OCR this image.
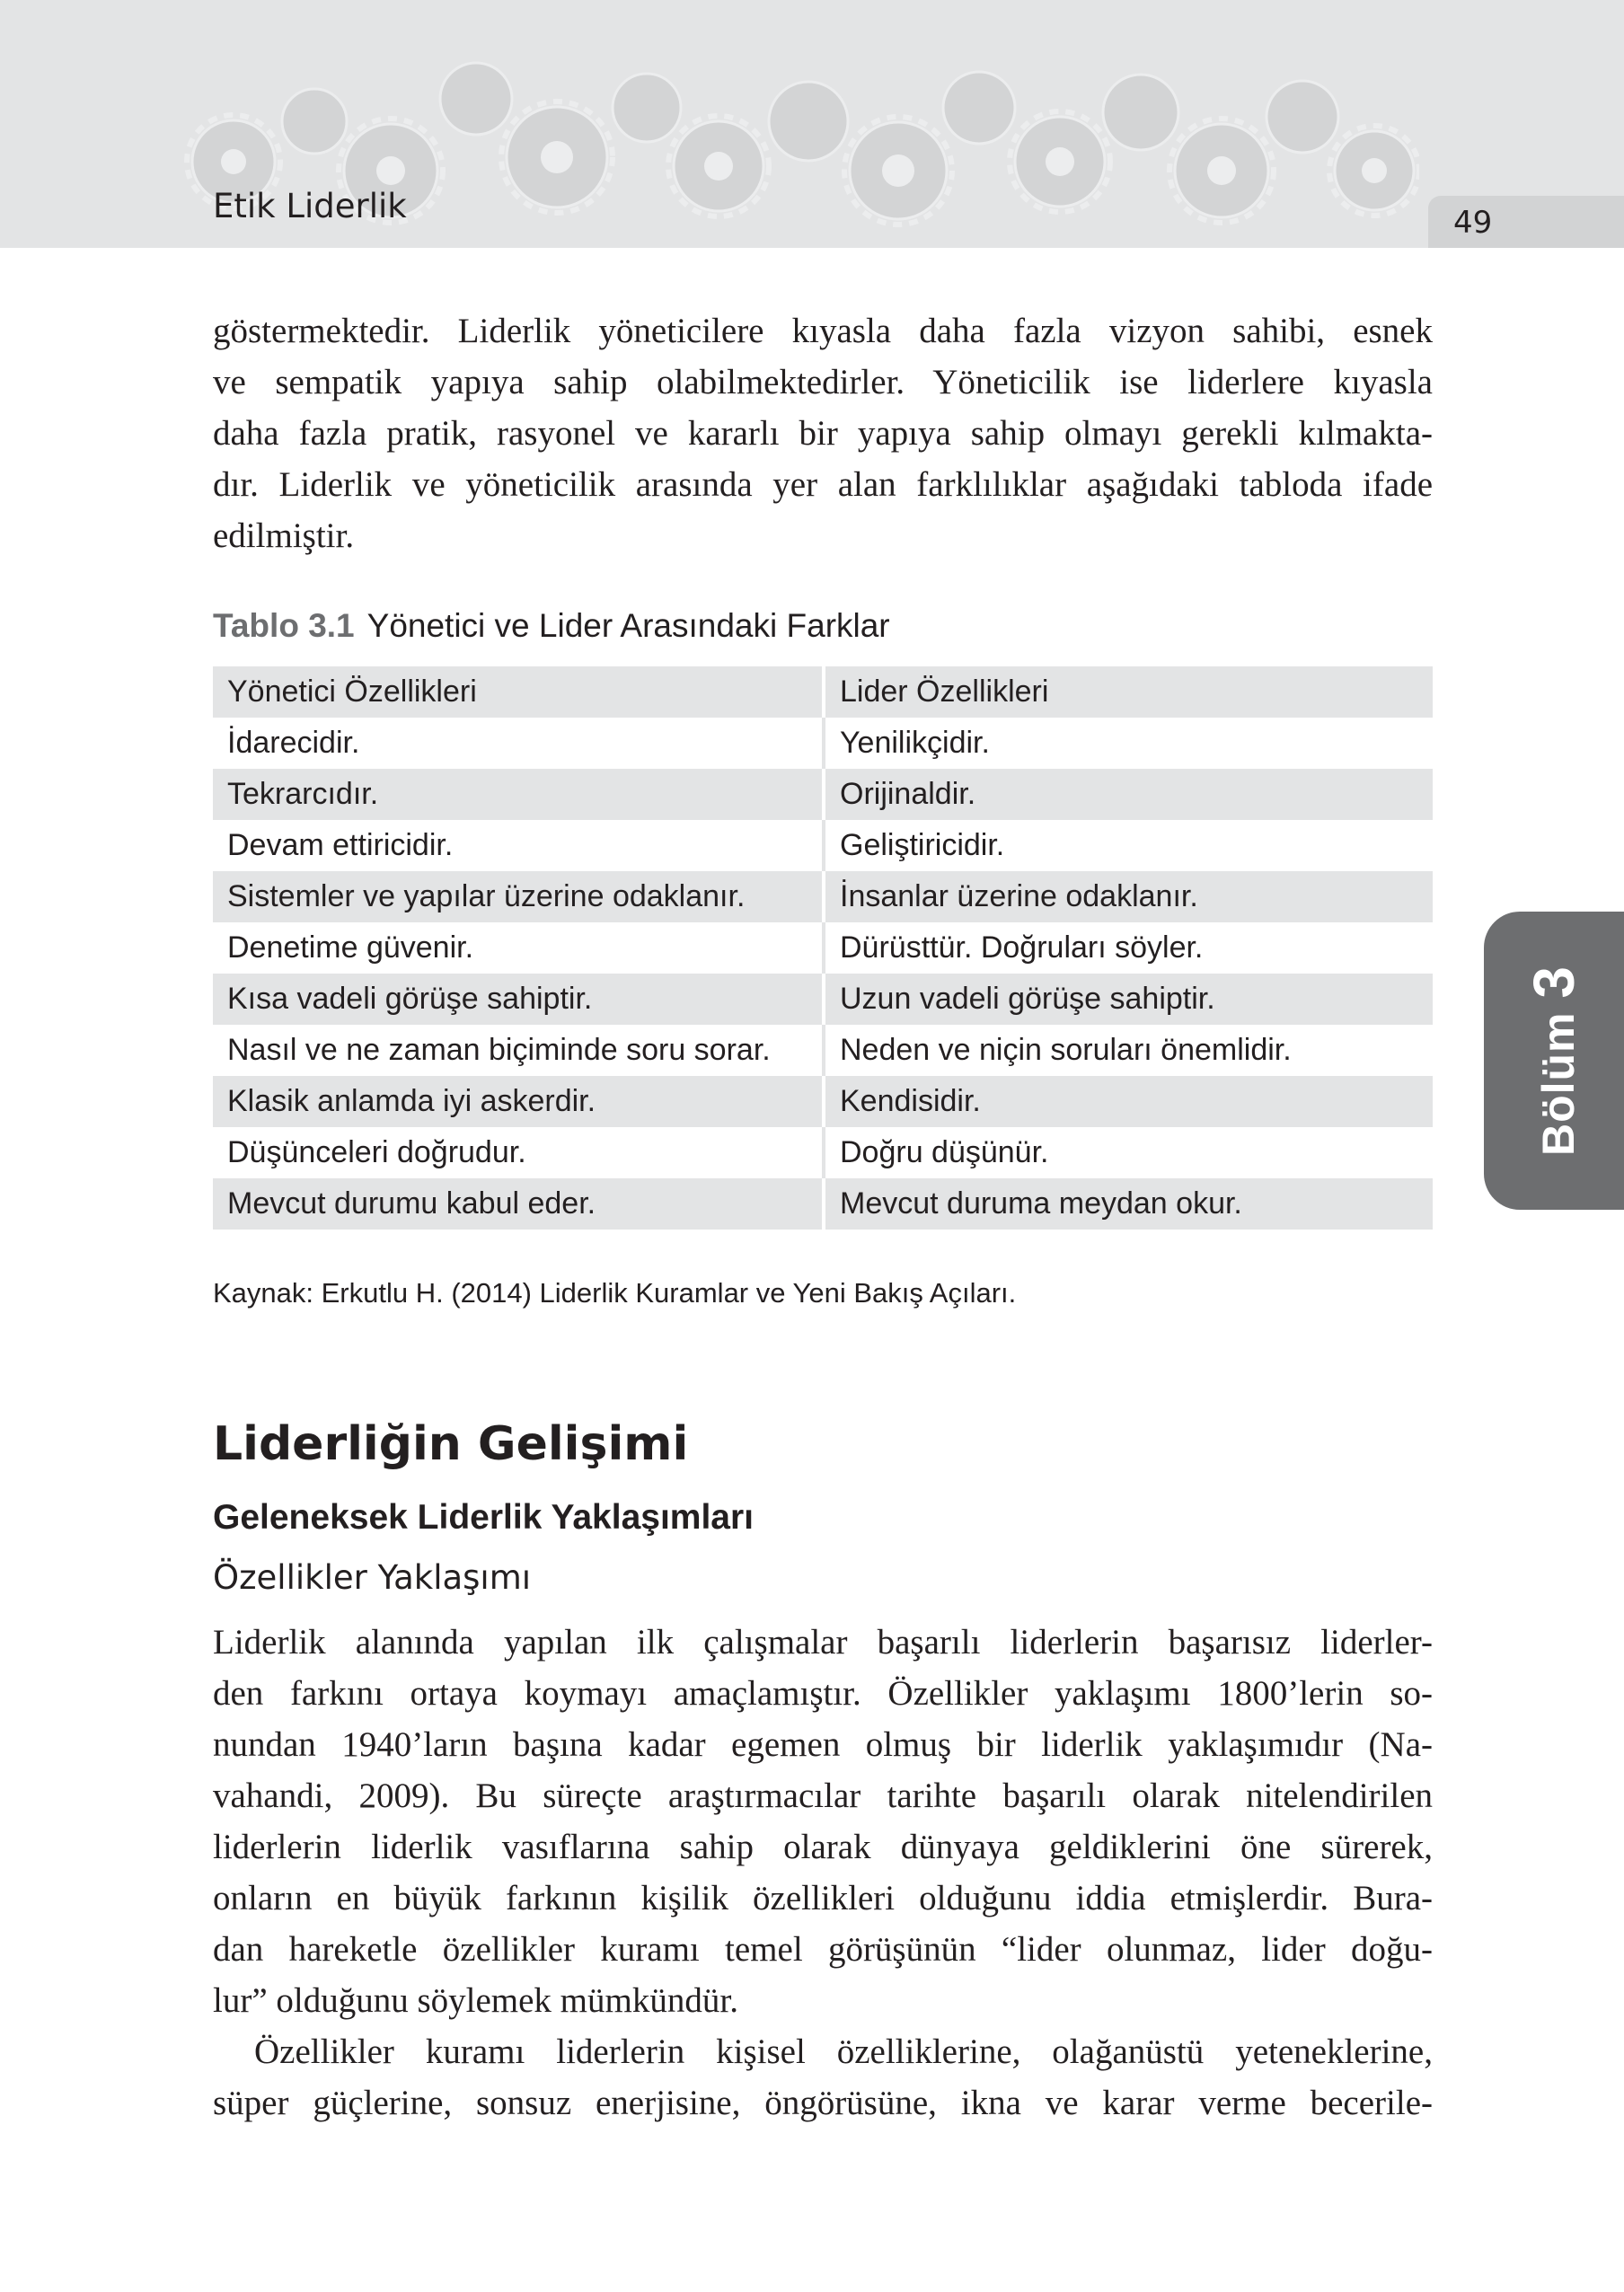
Etik Liderlik	49
Bölüm 3

göstermektedir. Liderlik yöneticilere kıyasla daha fazla vizyon sahibi, esnek
ve sempatik yapıya sahip olabilmektedirler. Yöneticilik ise liderlere kıyasla
daha fazla pratik, rasyonel ve kararlı bir yapıya sahip olmayı gerekli kılmakta-
dır. Liderlik ve yöneticilik arasında yer alan farklılıklar aşağıdaki tabloda ifade
edilmiştir.

Tablo 3.1 Yönetici ve Lider Arasındaki Farklar
Yönetici Özellikleri	Lider Özellikleri
İdarecidir.	Yenilikçidir.
Tekrarcıdır.	Orijinaldir.
Devam ettiricidir.	Geliştiricidir.
Sistemler ve yapılar üzerine odaklanır.	İnsanlar üzerine odaklanır.
Denetime güvenir.	Dürüsttür. Doğruları söyler.
Kısa vadeli görüşe sahiptir.	Uzun vadeli görüşe sahiptir.
Nasıl ve ne zaman biçiminde soru sorar.	Neden ve niçin soruları önemlidir.
Klasik anlamda iyi askerdir.	Kendisidir.
Düşünceleri doğrudur.	Doğru düşünür.
Mevcut durumu kabul eder.	Mevcut duruma meydan okur.
Kaynak: Erkutlu H. (2014) Liderlik Kuramlar ve Yeni Bakış Açıları.
Liderliğin Gelişimi
Geleneksek Liderlik Yaklaşımları
Özellikler Yaklaşımı

Liderlik alanında yapılan ilk çalışmalar başarılı liderlerin başarısız liderler-
den farkını ortaya koymayı amaçlamıştır. Özellikler yaklaşımı 1800’lerin so-
nundan 1940’ların başına kadar egemen olmuş bir liderlik yaklaşımıdır (Na-
vahandi, 2009). Bu süreçte araştırmacılar tarihte başarılı olarak nitelendirilen
liderlerin liderlik vasıflarına sahip olarak dünyaya geldiklerini öne sürerek,
onların en büyük farkının kişilik özellikleri olduğunu iddia etmişlerdir. Bura-
dan hareketle özellikler kuramı temel görüşünün “lider olunmaz, lider doğu-
lur” olduğunu söylemek mümkündür.

Özellikler kuramı liderlerin kişisel özelliklerine, olağanüstü yeteneklerine,
süper güçlerine, sonsuz enerjisine, öngörüsüne, ikna ve karar verme becerile-
